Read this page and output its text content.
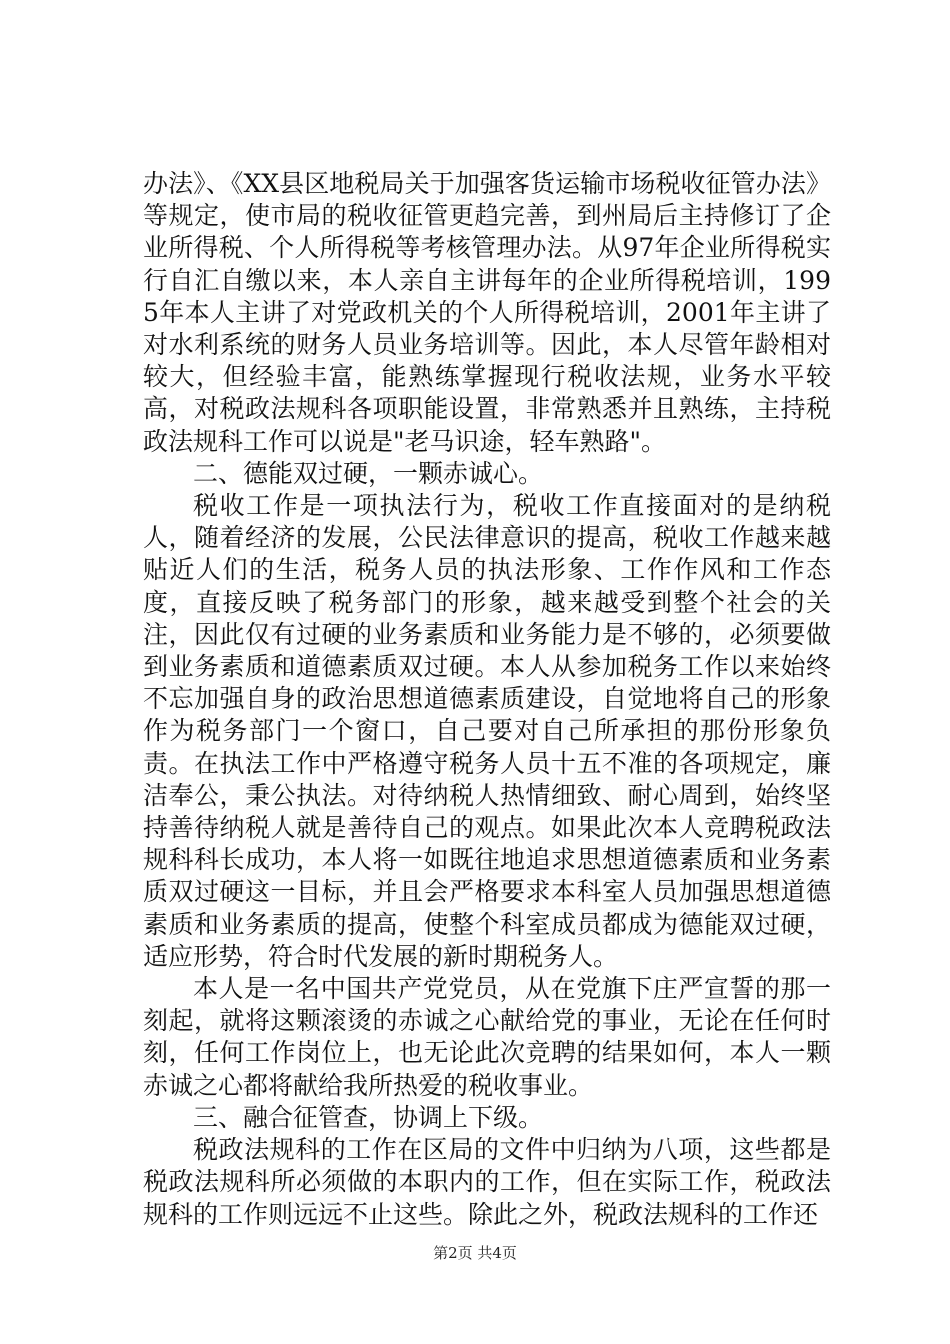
办法》、《XX县区地税局关于加强客货运输市场税收征管办法》等规定，使市局的税收征管更趋完善，到州局后主持修订了企业所得税、个人所得税等考核管理办法。从97年企业所得税实行自汇自缴以来，本人亲自主讲每年的企业所得税培训，1995年本人主讲了对党政机关的个人所得税培训，2001年主讲了对水利系统的财务人员业务培训等。因此，本人尽管年龄相对较大，但经验丰富，能熟练掌握现行税收法规，业务水平较高，对税政法规科各项职能设置，非常熟悉并且熟练，主持税政法规科工作可以说是"老马识途，轻车熟路"。

二、德能双过硬，一颗赤诚心。

税收工作是一项执法行为，税收工作直接面对的是纳税人，随着经济的发展，公民法律意识的提高，税收工作越来越贴近人们的生活，税务人员的执法形象、工作作风和工作态度，直接反映了税务部门的形象，越来越受到整个社会的关注，因此仅有过硬的业务素质和业务能力是不够的，必须要做到业务素质和道德素质双过硬。本人从参加税务工作以来始终不忘加强自身的政治思想道德素质建设，自觉地将自己的形象作为税务部门一个窗口，自己要对自己所承担的那份形象负责。在执法工作中严格遵守税务人员十五不准的各项规定，廉洁奉公，秉公执法。对待纳税人热情细致、耐心周到，始终坚持善待纳税人就是善待自己的观点。如果此次本人竞聘税政法规科科长成功，本人将一如既往地追求思想道德素质和业务素质双过硬这一目标，并且会严格要求本科室人员加强思想道德素质和业务素质的提高，使整个科室成员都成为德能双过硬，适应形势，符合时代发展的新时期税务人。

本人是一名中国共产党党员，从在党旗下庄严宣誓的那一刻起，就将这颗滚烫的赤诚之心献给党的事业，无论在任何时刻，任何工作岗位上，也无论此次竞聘的结果如何，本人一颗赤诚之心都将献给我所热爱的税收事业。

三、融合征管查，协调上下级。

税政法规科的工作在区局的文件中归纳为八项，这些都是税政法规科所必须做的本职内的工作，但在实际工作，税政法规科的工作则远远不止这些。除此之外，税政法规科的工作还

第2页 共4页
